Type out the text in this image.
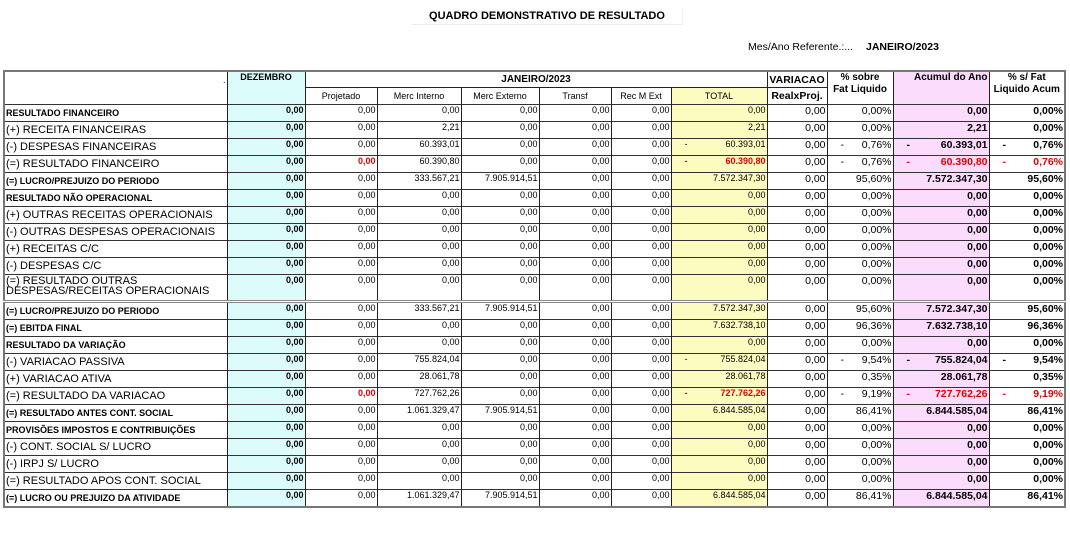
QUADRO DEMONSTRATIVO DE RESULTADO
Mes/Ano Referente.:... JANEIRO/2023
.	DEZEMBRO	JANEIRO/2023						VARIACAO	% sobre
Fat Liquido	Acumul do Ano	% s/ Fat
Liquido Acum
		Projetado	Merc Interno	Merc Externo	Transf	Rec M Ext	TOTAL	RealxProj.			
RESULTADO FINANCEIRO	0,00	0,00	0,00	0,00	0,00	0,00	0,00	0,00	0,00%	0,00	0,00%
(+) RECEITA FINANCEIRAS	0,00	0,00	2,21	0,00	0,00	0,00	2,21	0,00	0,00%	2,21	0,00%
(-) DESPESAS FINANCEIRAS	0,00	0,00	60.393,01	0,00	0,00	0,00	- 60.393,01	0,00	- 0,76%	- 60.393,01	- 0,76%

(=) RESULTADO FINANCEIRO	0,00	0,00	60.390,80	0,00	0,00	0,00	- 60.390,80	0,00	- 0,76%	- 60.390,80	- 0,76%

(=) LUCRO/PREJUIZO DO PERIODO	0,00	0,00	333.567,21	7.905.914,51	0,00	0,00	7.572.347,30	0,00	95,60%	7.572.347,30	95,60%
RESULTADO NÃO OPERACIONAL	0,00	0,00	0,00	0,00	0,00	0,00	0,00	0,00	0,00%	0,00	0,00%
(+) OUTRAS RECEITAS OPERACIONAIS	0,00	0,00	0,00	0,00	0,00	0,00	0,00	0,00	0,00%	0,00	0,00%
(-) OUTRAS DESPESAS OPERACIONAIS	0,00	0,00	0,00	0,00	0,00	0,00	0,00	0,00	0,00%	0,00	0,00%
(+) RECEITAS C/C	0,00	0,00	0,00	0,00	0,00	0,00	0,00	0,00	0,00%	0,00	0,00%
(-) DESPESAS C/C	0,00	0,00	0,00	0,00	0,00	0,00	0,00	0,00	0,00%	0,00	0,00%
(=) RESULTADO OUTRAS
DESPESAS/RECEITAS OPERACIONAIS	0,00	0,00	0,00	0,00	0,00	0,00	0,00	0,00	0,00%	0,00	0,00%
(=) LUCRO/PREJUIZO DO PERIODO	0,00	0,00	333.567,21	7.905.914,51	0,00	0,00	7.572.347,30	0,00	95,60%	7.572.347,30	95,60%
(=) EBITDA FINAL	0,00	0,00	0,00	0,00	0,00	0,00	7.632.738,10	0,00	96,36%	7.632.738,10	96,36%
RESULTADO DA VARIAÇÃO	0,00	0,00	0,00	0,00	0,00	0,00	0,00	0,00	0,00%	0,00	0,00%
(-) VARIACAO PASSIVA	0,00	0,00	755.824,04	0,00	0,00	0,00	- 755.824,04	0,00	- 9,54%	- 755.824,04	- 9,54%

(+) VARIACAO ATIVA	0,00	0,00	28.061,78	0,00	0,00	0,00	28.061,78	0,00	0,35%	28.061,78	0,35%
(=) RESULTADO DA VARIACAO	0,00	0,00	727.762,26	0,00	0,00	0,00	- 727.762,26	0,00	- 9,19%	- 727.762,26	- 9,19%

(=) RESULTADO ANTES CONT. SOCIAL	0,00	0,00	1.061.329,47	7.905.914,51	0,00	0,00	6.844.585,04	0,00	86,41%	6.844.585,04	86,41%
PROVISÕES IMPOSTOS E CONTRIBUIÇÕES	0,00	0,00	0,00	0,00	0,00	0,00	0,00	0,00	0,00%	0,00	0,00%
(-) CONT. SOCIAL S/ LUCRO	0,00	0,00	0,00	0,00	0,00	0,00	0,00	0,00	0,00%	0,00	0,00%
(-) IRPJ S/ LUCRO	0,00	0,00	0,00	0,00	0,00	0,00	0,00	0,00	0,00%	0,00	0,00%
(=) RESULTADO APOS CONT. SOCIAL	0,00	0,00	0,00	0,00	0,00	0,00	0,00	0,00	0,00%	0,00	0,00%
(=) LUCRO OU PREJUIZO DA ATIVIDADE	0,00	0,00	1.061.329,47	7.905.914,51	0,00	0,00	6.844.585,04	0,00	86,41%	6.844.585,04	86,41%
